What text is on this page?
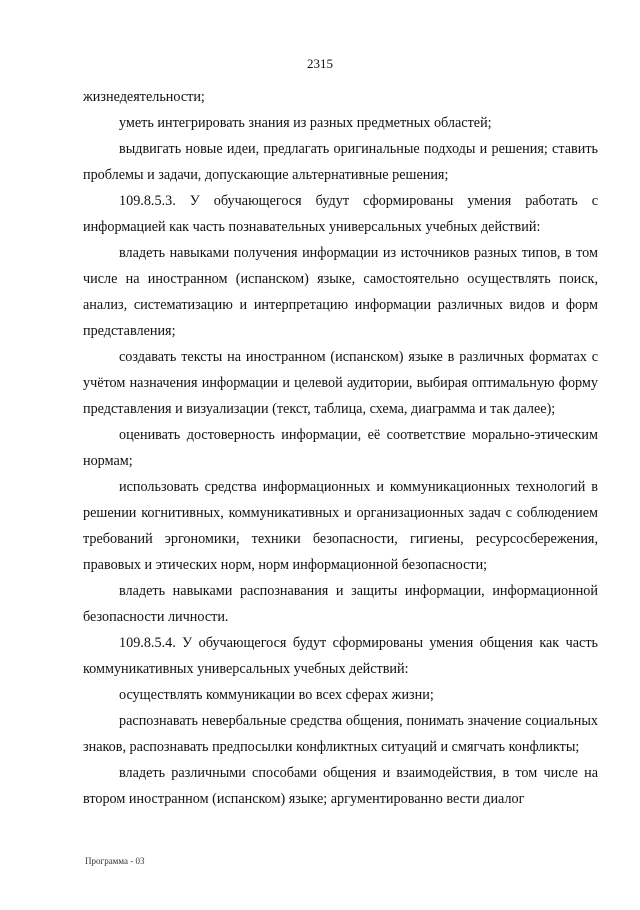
2315

жизнедеятельности;

уметь интегрировать знания из разных предметных областей;

выдвигать новые идеи, предлагать оригинальные подходы и решения; ставить проблемы и задачи, допускающие альтернативные решения;

109.8.5.3. У обучающегося будут сформированы умения работать с информацией как часть познавательных универсальных учебных действий:

владеть навыками получения информации из источников разных типов, в том числе на иностранном (испанском) языке, самостоятельно осуществлять поиск, анализ, систематизацию и интерпретацию информации различных видов и форм представления;

создавать тексты на иностранном (испанском) языке в различных форматах с учётом назначения информации и целевой аудитории, выбирая оптимальную форму представления и визуализации (текст, таблица, схема, диаграмма и так далее);

оценивать достоверность информации, её соответствие морально-этическим нормам;

использовать средства информационных и коммуникационных технологий в решении когнитивных, коммуникативных и организационных задач с соблюдением требований эргономики, техники безопасности, гигиены, ресурсосбережения, правовых и этических норм, норм информационной безопасности;

владеть навыками распознавания и защиты информации, информационной безопасности личности.

109.8.5.4. У обучающегося будут сформированы умения общения как часть коммуникативных универсальных учебных действий:

осуществлять коммуникации во всех сферах жизни;

распознавать невербальные средства общения, понимать значение социальных знаков, распознавать предпосылки конфликтных ситуаций и смягчать конфликты;

владеть различными способами общения и взаимодействия, в том числе на втором иностранном (испанском) языке; аргументированно вести диалог

Программа - 03
